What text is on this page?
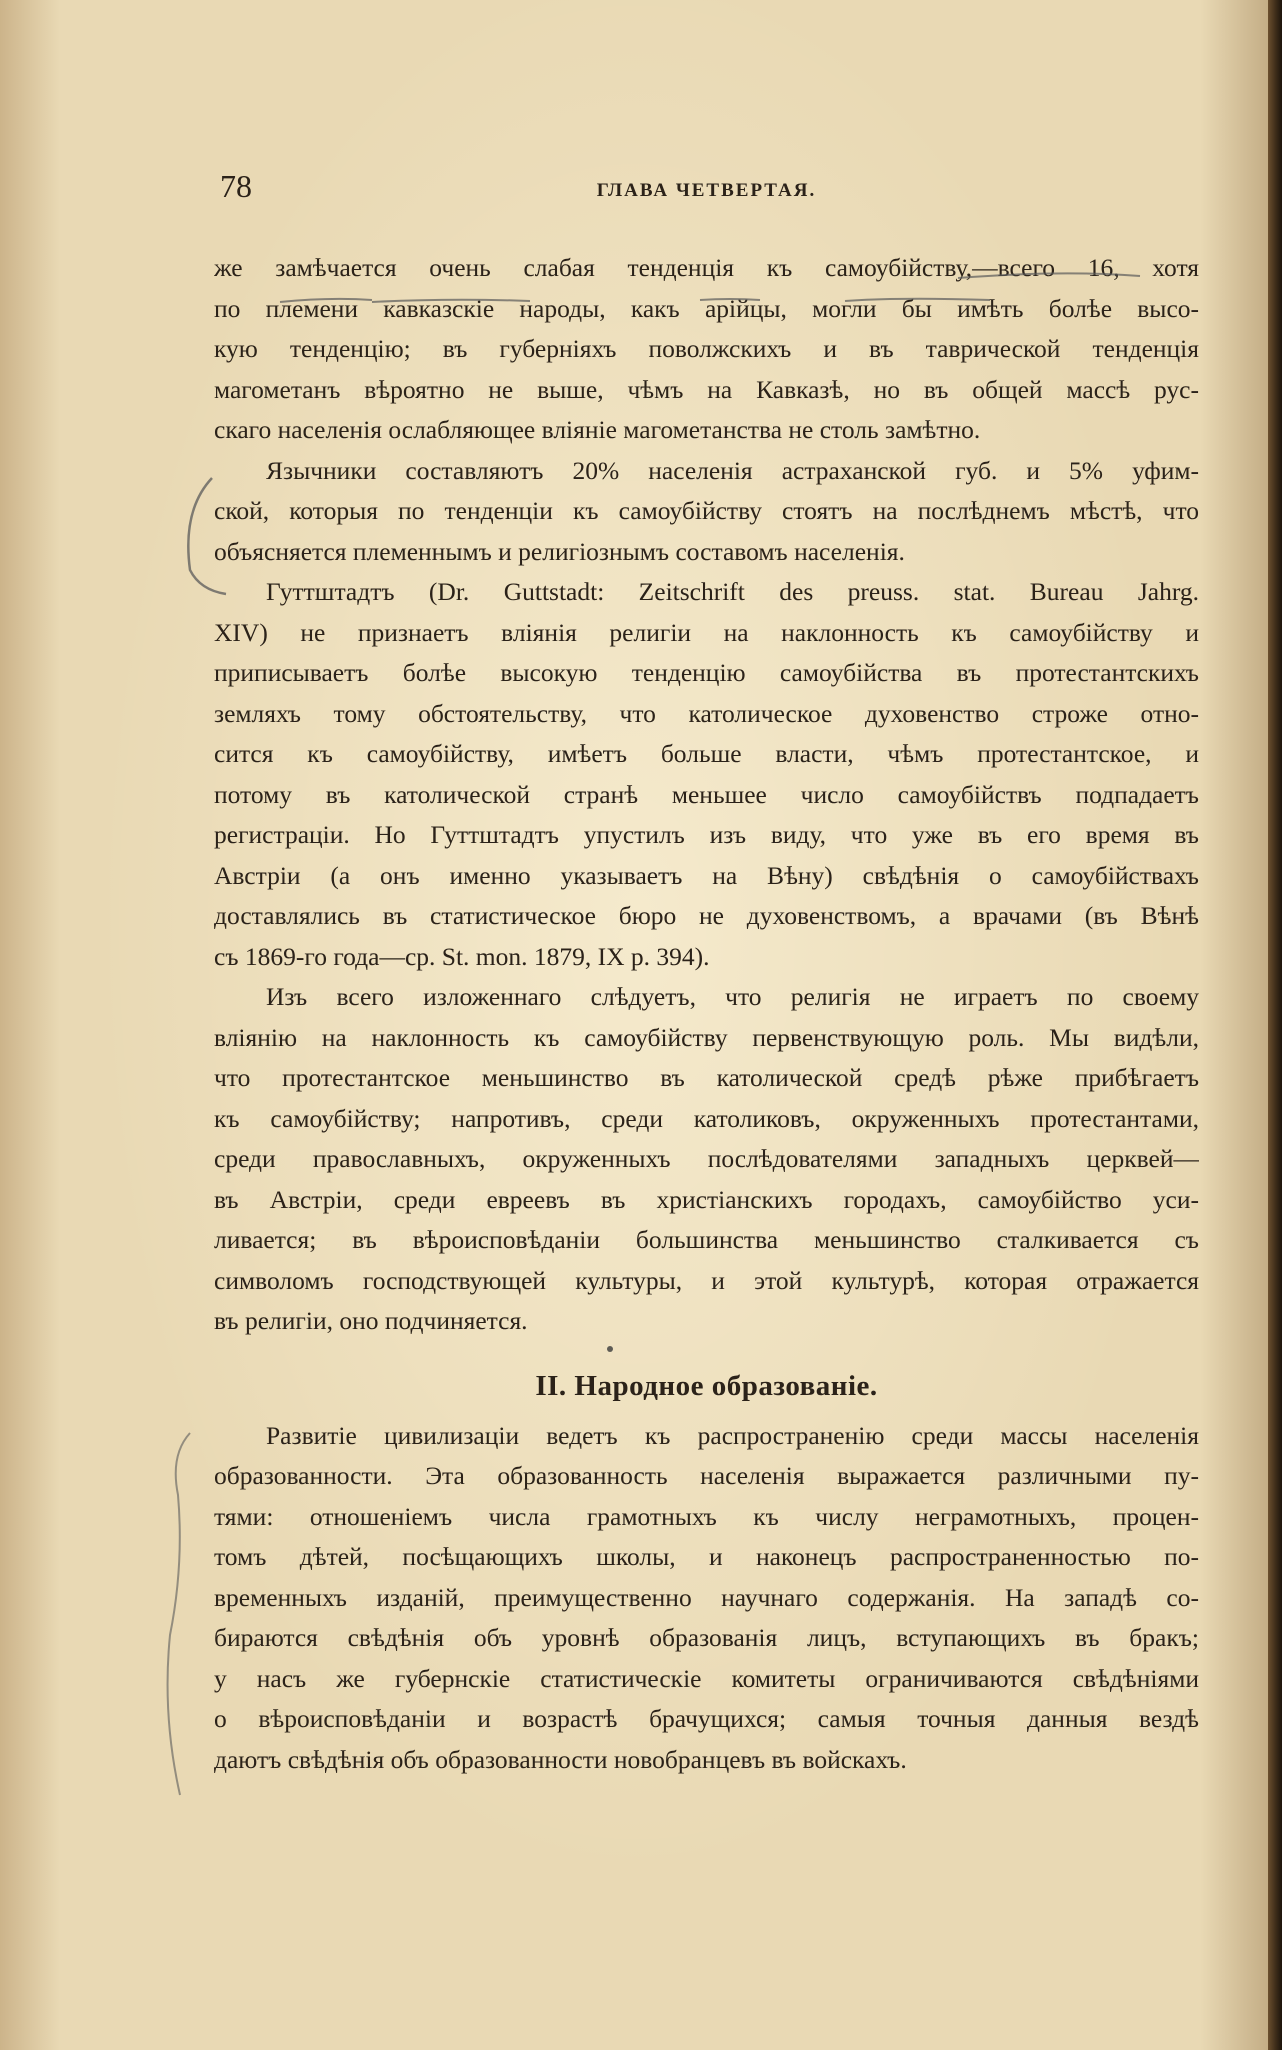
78	ГЛАВА ЧЕТВЕРТАЯ.
же замѣчается очень слабая тенденція къ самоубійству,—всего 16, хотя
по племени кавказскіе народы, какъ арійцы, могли бы имѣть болѣе высо-
кую тенденцію; въ губерніяхъ поволжскихъ и въ таврической тенденція
магометанъ вѣроятно не выше, чѣмъ на Кавказѣ, но въ общей массѣ рус-
скаго населенія ослабляющее вліяніе магометанства не столь замѣтно.
Язычники составляютъ 20% населенія астраханской губ. и 5% уфим-
ской, которыя по тенденціи къ самоубійству стоятъ на послѣднемъ мѣстѣ, что
объясняется племеннымъ и религіознымъ составомъ населенія.
Гуттштадтъ (Dr. Guttstadt: Zeitschrift des preuss. stat. Bureau Jahrg.
XIV) не признаетъ вліянія религіи на наклонность къ самоубійству и
приписываетъ болѣе высокую тенденцію самоубійства въ протестантскихъ
земляхъ тому обстоятельству, что католическое духовенство строже отно-
сится къ самоубійству, имѣетъ больше власти, чѣмъ протестантское, и
потому въ католической странѣ меньшее число самоубійствъ подпадаетъ
регистраціи. Но Гуттштадтъ упустилъ изъ виду, что уже въ его время въ
Австріи (а онъ именно указываетъ на Вѣну) свѣдѣнія о самоубійствахъ
доставлялись въ статистическое бюро не духовенствомъ, а врачами (въ Вѣнѣ
съ 1869-го года—ср. St. mon. 1879, IX p. 394).
Изъ всего изложеннаго слѣдуетъ, что религія не играетъ по своему
вліянію на наклонность къ самоубійству первенствующую роль. Мы видѣли,
что протестантское меньшинство въ католической средѣ рѣже прибѣгаетъ
къ самоубійству; напротивъ, среди католиковъ, окруженныхъ протестантами,
среди православныхъ, окруженныхъ послѣдователями западныхъ церквей—
въ Австріи, среди евреевъ въ христіанскихъ городахъ, самоубійство уси-
ливается; въ вѣроисповѣданіи большинства меньшинство сталкивается съ
символомъ господствующей культуры, и этой культурѣ, которая отражается
въ религіи, оно подчиняется.
II. Народное образованіе.
Развитіе цивилизаціи ведетъ къ распространенію среди массы населенія
образованности. Эта образованность населенія выражается различными пу-
тями: отношеніемъ числа грамотныхъ къ числу неграмотныхъ, процен-
томъ дѣтей, посѣщающихъ школы, и наконецъ распространенностью по-
временныхъ изданій, преимущественно научнаго содержанія. На западѣ со-
бираются свѣдѣнія объ уровнѣ образованія лицъ, вступающихъ въ бракъ;
у насъ же губернскіе статистическіе комитеты ограничиваются свѣдѣніями
о вѣроисповѣданіи и возрастѣ брачущихся; самыя точныя данныя вездѣ
даютъ свѣдѣнія объ образованности новобранцевъ въ войскахъ.
